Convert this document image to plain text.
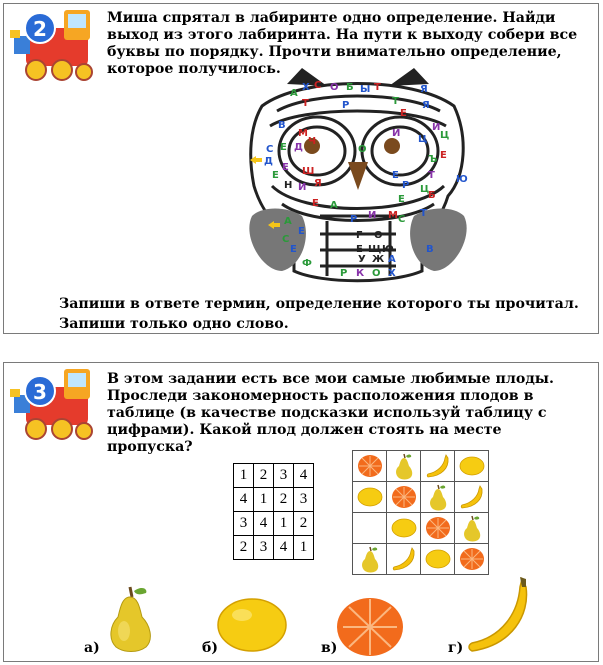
2	Миша спрятал в лабиринте одно определение. Найди выход из этого лабиринта. На пути к выходу собери все буквы по порядку. Прочти внимательно определение, которое получилось.
А
Х С О Б Ы Т	Я
Т	Р	Т Я
В
М
Е
И
С Е Д
Ч
О
И
Ц Ц
Д
Е
Ъ Е
Е Ш	Е	Т Ю
Н И Я	Р Ц
Е А
Е Б
Р И М С
А
Т
Е	Г О
Е Щ Ю
Е
С
В
У Ж А
Ф
Р К О Х
Запиши в ответе термин, определение которого ты прочитал.
Запиши только одно слово.
3
В этом задании есть все мои самые любимые плоды. Проследи закономерность расположения плодов в таблице (в качестве подсказки используй таблицу с цифрами). Какой плод должен стоять на месте пропуска?
1	2	3	4
4	1	2	3
3	4	1	2
2	3	4	1

а)	б)	в)	г)
